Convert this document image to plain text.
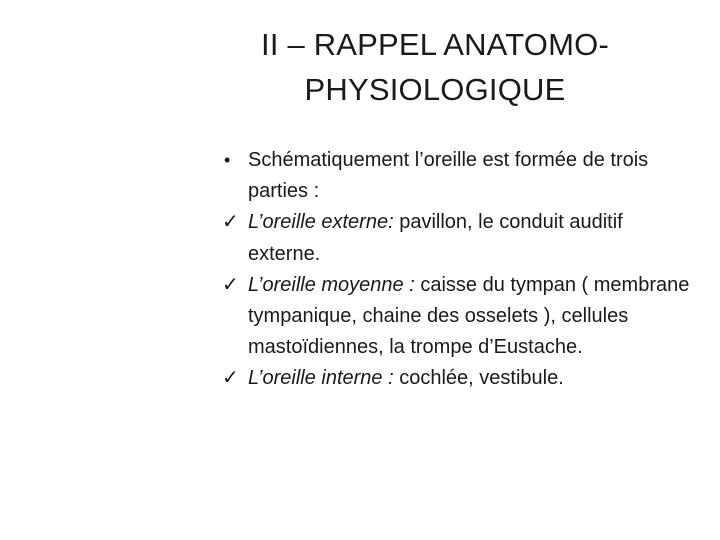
II – RAPPEL ANATOMO-
PHYSIOLOGIQUE
• Schématiquement l’oreille est formée de trois parties :
✓ L’oreille externe: pavillon, le conduit auditif externe.
✓ L’oreille moyenne : caisse du tympan ( membrane tympanique, chaine des osselets ), cellules mastoïdiennes, la trompe d’Eustache.
✓ L’oreille interne : cochlée, vestibule.
